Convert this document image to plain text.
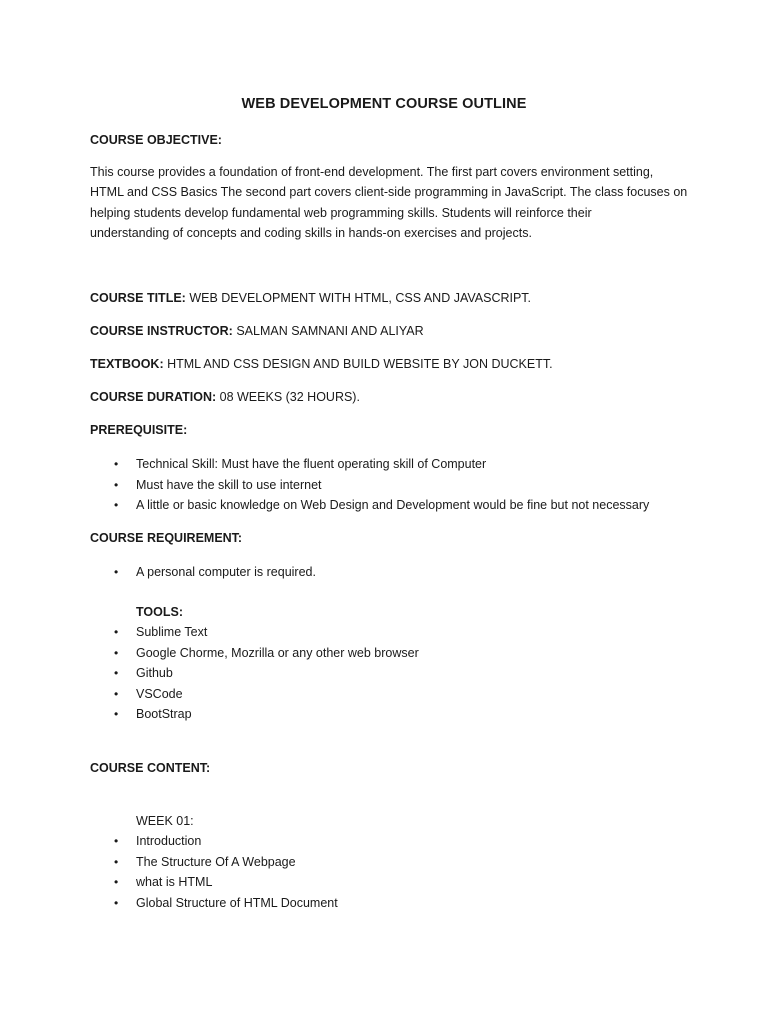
WEB DEVELOPMENT COURSE OUTLINE
COURSE OBJECTIVE:
This course provides a foundation of front-end development. The first part covers environment setting,
HTML and CSS Basics The second part covers client-side programming in JavaScript. The class focuses on
helping students develop fundamental web programming skills. Students will reinforce their
understanding of concepts and coding skills in hands-on exercises and projects.
COURSE TITLE: WEB DEVELOPMENT WITH HTML, CSS AND JAVASCRIPT.
COURSE INSTRUCTOR: SALMAN SAMNANI AND ALIYAR
TEXTBOOK: HTML AND CSS DESIGN AND BUILD WEBSITE BY JON DUCKETT.
COURSE DURATION: 08 WEEKS (32 HOURS).
PREREQUISITE:
• Technical Skill: Must have the fluent operating skill of Computer
• Must have the skill to use internet
• A little or basic knowledge on Web Design and Development would be fine but not necessary
COURSE REQUIREMENT:
• A personal computer is required.
TOOLS:
• Sublime Text
• Google Chorme, Mozrilla or any other web browser
• Github
• VSCode
• BootStrap
COURSE CONTENT:
WEEK 01:
• Introduction
• The Structure Of A Webpage
• what is HTML
• Global Structure of HTML Document
